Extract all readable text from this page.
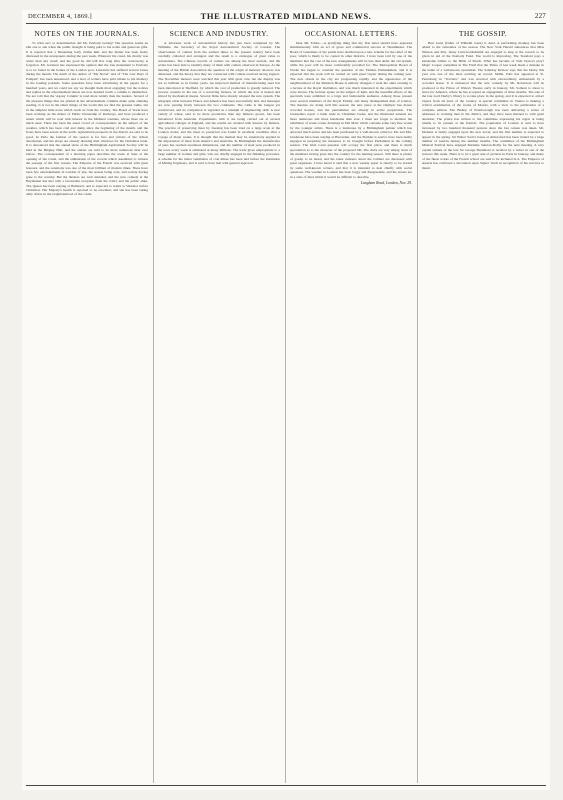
DECEMBER 4, 1869.]	THE ILLUSTRATED MIDLAND NEWS.	227
NOTES ON THE JOURNALS.

To what sect or denomination did Mr. Peabody belong? The question seems an idle one to ask when the public thought is being paid to his noble and generous gifts. It is reported that a Dissenting body claims him, and the matter has been freely discussed in the newspapers during the past week. Whatever his creed, his charity was wider than any creed; and the good he did will live long after the controversy is forgotten. Mr. Garrison has expressed the opinion that the true monument to Peabody is to be found in the homes of the London poor. Literature has suffered several losses during the month. The death of the author of "My Novel" and of "The Last Days of Pompeii" has been announced, and a host of writers have paid tribute to his memory in the leading journals. Some questions have been advertising in the papers for a hundred years, and we could not say we thought them most engaging; but the notices and replies in the advertisement sheets are now deemed worth a column to themselves. We are told that the 'Agony Column' is read more widely than the leaders. Several of the pleasant things that are printed in the advertisement columns make quite amusing reading. It is not in the smart things of the world that we find the greatest truths, but in the simplest little notes which reach us from the country. The Board of Trade have been working on the matter of Public Ownership of Railways, and have produced a return which will be read with interest in the Midland counties, whose lines are so much used. There has been the usual crowd of correspondents on the subject of the weather, which has been cold and damp since the beginning of the month, and the frosts have been severe in the north. Agricultural prospects in the district are said to be good. In Paris the fashion of the season is for furs and velvets of the richest description, and the shops are already dressing their windows for the Christmas trade. It is announced that the annual show of the Birmingham Agricultural Society will be held in the Bingley Hall, and the entries are said to be more numerous than ever before. The correspondent of a morning paper describes the scene at Suez at the opening of the Canal, and the enthusiasm of the crowds which assembled to witness the passage of the first vessels. The Empress of the French was received with great honours, and the ceremony was one of the most brilliant of modern times. There have been few entertainments in London of late, the season being over, and society having gone to the country. But the theatres are well attended, and the new comedy at the Haymarket has met with a favourable reception from the critics and the public alike. The Queen has been staying at Balmoral, and is expected to return to Windsor before Christmas. Her Majesty's health is reported to be excellent, and she has been taking daily drives in the neighbourhood of the castle.

SCIENCE AND INDUSTRY.

A laborious work of astronomical history has just been completed by Mr. Williams, the Secretary of the Royal Astronomical Society of London. The observations of comets from the earliest times to the present century have been carefully collected and arranged, and the result is a catalogue of great value to astronomers. The Chinese records of comets are among the most ancient, and the writer has been able to identify many of them with comets observed in Europe. At the meeting of the British Association the question of the origin of meteoric showers was discussed, and the theory that they are connected with comets received strong support. The November meteors were watched this year with great care, but the display was not so brilliant as in former years. An improved method of manufacturing steel has been introduced at Sheffield, by which the cost of production is greatly reduced. The process consists in the use of a revolving furnace, in which the iron is heated and stirred by mechanical means. Several firms have already adopted the new system. The telegraph cable between France and America has been successfully laid, and messages are now passing freely between the two continents. The cable is the longest yet constructed, and its completion is regarded as a triumph of engineering skill. A new variety of wheat, said to be more productive than any hitherto grown, has been introduced from Australia. Experiments with it are being carried out at several agricultural colleges in England, and the results are awaited with interest by farmers. The practice of preserving meat by freezing has been tried on a large scale at the London docks, and the meat so preserved was found in excellent condition after a voyage of many weeks. It is thought that the method may be extensively applied in the importation of meat from America and Australia. In Birmingham the manufacture of pens has reached enormous dimensions, and the number of steel pens produced in the town every week is estimated at many millions. The trade gives employment to a large number of women and girls, who are chiefly engaged in the finishing processes. A scheme for the better ventilation of coal mines has been laid before the Institution of Mining Engineers, and is said to have met with general approval.

OCCASIONAL LETTERS.

Dear Mr. Editor,—A gratifying thing that my first letter should have appeared simultaneously with an act of grace and commercial success at Westminster. The Board of Guardians of the parish have decided upon a new scheme for the relief of the poor, which is likely to be copied in other districts. I have been told by one of the members that the cost of the new arrangements will be less than under the old system, while the poor will be more comfortably provided for. The Metropolitan Board of Works has begun to consider the question of the Thames Embankment, and it is expected that the work will be carried on with great vigour during the coming year. The new streets in the city are progressing rapidly, and the appearance of the neighbourhood of the Mansion House is entirely changed. I went the other evening to a lecture at the Royal Institution, and was much interested in the experiments which were shown. The lecturer spoke on the subject of light, and the beautiful effects of the spectrum were exhibited to a large and fashionable audience. Among those present were several members of the Royal Family, and many distinguished men of science. The theatres are doing well this season; the new piece at the Olympic has drawn crowded houses, and the pantomimes are already in active preparation. The booksellers report a brisk trade in Christmas books, and the illustrated annuals are more numerous and more handsome than ever. I must not forget to mention the exhibition of water-colour drawings in Pall Mall, which contains some very fine works by the younger artists. There is a landscape by a Birmingham painter which has attracted much notice and has been purchased by a well-known collector. Mr. and Mrs. Gladstone have been staying at Hawarden, and the Premier is said to have been busily engaged in preparing the measures to be brought before Parliament in the coming session. The Irish Land question will occupy the first place, and there is much speculation as to the character of the proposed bill. The clubs are very empty, most of the members having gone into the country for the hunting season. Still there is plenty of gossip to be heard, and the latest rumours about the Cabinet are discussed with great eagerness. I have heard it said that a new weekly paper is shortly to be started by some well-known writers, and that it is intended to deal chiefly with social questions. The weather in London has been foggy and disagreeable, and the streets are in a state of mud which it would be difficult to describe.

Langham Road, London, Nov. 29.
THE GOSSIP.

Herr Ganz (father of Wilhelm Ganz) is dead. A performing monkey has been added to the curiosities of the season. The New York Herald announces that Miss Nilsson and Mrs. Jenny Lind-Goldschmidt are engaged to sing at the concert to be given in aid of the Peabody Fund. The world is improving. The Standard pays a handsome tribute to the Bible of Punch. What has become of Tom Taylor's play? Major Cooper complains in The Field that the Times of last week made a mistake in the name of a well-known sportsman. The Saturday Review says that the Derby this year was one of the most exciting on record. Mdlle. Patti has appeared at St. Petersburg in "Traviata," and was received with extraordinary enthusiasm by a crowded house. It is rumoured that the new comedy by Mr. Robertson will be produced at the Prince of Wales's Theatre early in January. Mr. Sothern is about to leave for America, where he has accepted an engagement of three months. The sale of the late Lord Derby's library is to take place in the spring, and it is expected to attract buyers from all parts of the country. A special committee in Vienna is making a critical examination of the works of Mozart, with a view to the publication of a complete edition. The Bishop of Peterborough has been delivering a series of addresses to working men in the district, and they have been listened to with great attention. The prince has written to the committee expressing his regret at being unable to be present at the festival. The population of London is said to have increased by two hundred thousand persons since the last census was taken. Mr. Dickens is busily engaged upon his new novel, and the first number is expected to appear in the spring. Sir Walter Scott's house at Abbotsford has been visited by a large number of tourists during the summer months. The committee of the Birmingham Musical Festival have engaged Madame Sainton-Dolby for the next meeting. A very capital remark of the late Sir George Beaumont is recalled by a writer in one of the reviews this week. There is to be a great sale of pictures in Paris in January, and many of the finest works of the French school are said to be included in it. The Emperor of Austria has conferred a decoration upon Signor Verdi in recognition of his services to music.
